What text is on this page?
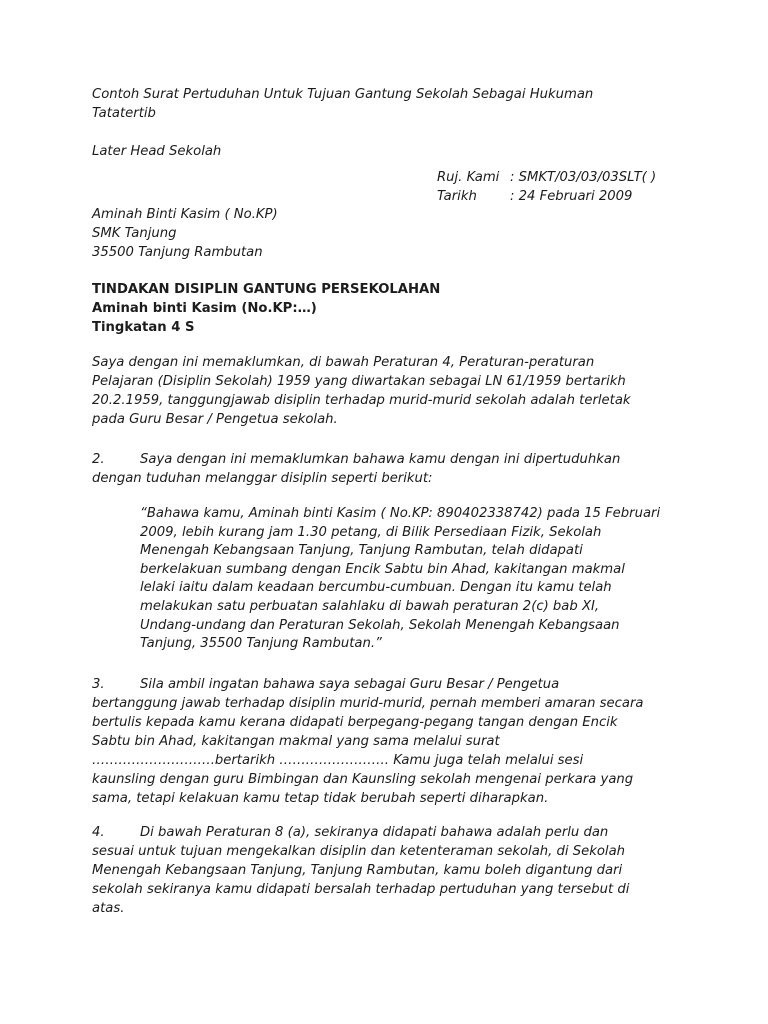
Contoh Surat Pertuduhan Untuk Tujuan Gantung Sekolah Sebagai Hukuman
Tatatertib
Later Head Sekolah
Ruj. Kami : SMKT/03/03/03SLT( )
Tarikh	: 24 Februari 2009
Aminah Binti Kasim ( No.KP)
SMK Tanjung
35500 Tanjung Rambutan
TINDAKAN DISIPLIN GANTUNG PERSEKOLAHAN
Aminah binti Kasim (No.KP:…)
Tingkatan 4 S
Saya dengan ini memaklumkan, di bawah Peraturan 4, Peraturan-peraturan
Pelajaran (Disiplin Sekolah) 1959 yang diwartakan sebagai LN 61/1959 bertarikh
20.2.1959, tanggungjawab disiplin terhadap murid-murid sekolah adalah terletak
pada Guru Besar / Pengetua sekolah.
2.	Saya dengan ini memaklumkan bahawa kamu dengan ini dipertuduhkan
dengan tuduhan melanggar disiplin seperti berikut:
“Bahawa kamu, Aminah binti Kasim ( No.KP: 890402338742) pada 15 Februari
2009, lebih kurang jam 1.30 petang, di Bilik Persediaan Fizik, Sekolah
Menengah Kebangsaan Tanjung, Tanjung Rambutan, telah didapati
berkelakuan sumbang dengan Encik Sabtu bin Ahad, kakitangan makmal
lelaki iaitu dalam keadaan bercumbu-cumbuan. Dengan itu kamu telah
melakukan satu perbuatan salahlaku di bawah peraturan 2(c) bab XI,
Undang-undang dan Peraturan Sekolah, Sekolah Menengah Kebangsaan
Tanjung, 35500 Tanjung Rambutan.”
3.	Sila ambil ingatan bahawa saya sebagai Guru Besar / Pengetua
bertanggung jawab terhadap disiplin murid-murid, pernah memberi amaran secara
bertulis kepada kamu kerana didapati berpegang-pegang tangan dengan Encik
Sabtu bin Ahad, kakitangan makmal yang sama melalui surat
……………………….bertarikh ……………………. Kamu juga telah melalui sesi
kaunsling dengan guru Bimbingan dan Kaunsling sekolah mengenai perkara yang
sama, tetapi kelakuan kamu tetap tidak berubah seperti diharapkan.
4.	Di bawah Peraturan 8 (a), sekiranya didapati bahawa adalah perlu dan
sesuai untuk tujuan mengekalkan disiplin dan ketenteraman sekolah, di Sekolah
Menengah Kebangsaan Tanjung, Tanjung Rambutan, kamu boleh digantung dari
sekolah sekiranya kamu didapati bersalah terhadap pertuduhan yang tersebut di
atas.
